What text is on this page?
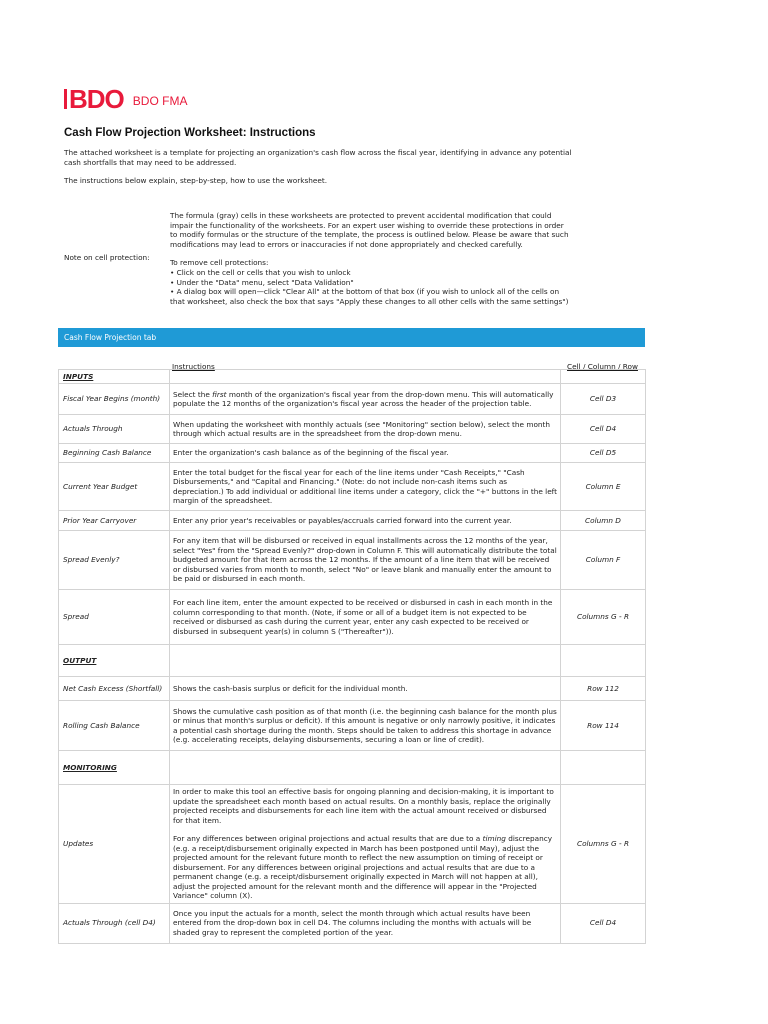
BDO BDO FMA
Cash Flow Projection Worksheet: Instructions
The attached worksheet is a template for projecting an organization's cash flow across the fiscal year, identifying in advance any potential cash shortfalls that may need to be addressed.
The instructions below explain, step-by-step, how to use the worksheet.
Note on cell protection:

The formula (gray) cells in these worksheets are protected to prevent accidental modification that could impair the functionality of the worksheets. For an expert user wishing to override these protections in order to modify formulas or the structure of the template, the process is outlined below. Please be aware that such modifications may lead to errors or inaccuracies if not done appropriately and checked carefully.

To remove cell protections:
• Click on the cell or cells that you wish to unlock
• Under the "Data" menu, select "Data Validation"
• A dialog box will open—click "Clear All" at the bottom of that box (if you wish to unlock all of the cells on that worksheet, also check the box that says "Apply these changes to all other cells with the same settings")
Cash Flow Projection tab
Instructions	Cell / Column / Row
INPUTS		
Fiscal Year Begins (month)	Select the first month of the organization's fiscal year from the drop-down menu. This will automatically populate the 12 months of the organization's fiscal year across the header of the projection table.	Cell D3
Actuals Through	When updating the worksheet with monthly actuals (see "Monitoring" section below), select the month through which actual results are in the spreadsheet from the drop-down menu.	Cell D4
Beginning Cash Balance	Enter the organization's cash balance as of the beginning of the fiscal year.	Cell D5
Current Year Budget	Enter the total budget for the fiscal year for each of the line items under "Cash Receipts," "Cash Disbursements," and "Capital and Financing." (Note: do not include non-cash items such as depreciation.) To add individual or additional line items under a category, click the "+" buttons in the left margin of the spreadsheet.	Column E
Prior Year Carryover	Enter any prior year's receivables or payables/accruals carried forward into the current year.	Column D
Spread Evenly?	For any item that will be disbursed or received in equal installments across the 12 months of the year, select "Yes" from the "Spread Evenly?" drop-down in Column F. This will automatically distribute the total budgeted amount for that item across the 12 months. If the amount of a line item that will be received or disbursed varies from month to month, select "No" or leave blank and manually enter the amount to be paid or disbursed in each month.	Column F
Spread	For each line item, enter the amount expected to be received or disbursed in cash in each month in the column corresponding to that month. (Note, if some or all of a budget item is not expected to be received or disbursed as cash during the current year, enter any cash expected to be received or disbursed in subsequent year(s) in column S ("Thereafter")).	Columns G - R
OUTPUT		
Net Cash Excess (Shortfall)	Shows the cash-basis surplus or deficit for the individual month.	Row 112
Rolling Cash Balance	Shows the cumulative cash position as of that month (i.e. the beginning cash balance for the month plus or minus that month's surplus or deficit). If this amount is negative or only narrowly positive, it indicates a potential cash shortage during the month. Steps should be taken to address this shortage in advance (e.g. accelerating receipts, delaying disbursements, securing a loan or line of credit).	Row 114
MONITORING		
Updates	In order to make this tool an effective basis for ongoing planning and decision-making, it is important to update the spreadsheet each month based on actual results. On a monthly basis, replace the originally projected receipts and disbursements for each line item with the actual amount received or disbursed for that item.

For any differences between original projections and actual results that are due to a timing discrepancy (e.g. a receipt/disbursement originally expected in March has been postponed until May), adjust the projected amount for the relevant future month to reflect the new assumption on timing of receipt or disbursement. For any differences between original projections and actual results that are due to a permanent change (e.g. a receipt/disbursement originally expected in March will not happen at all), adjust the projected amount for the relevant month and the difference will appear in the "Projected Variance" column (X).	Columns G - R
Actuals Through (cell D4)	Once you input the actuals for a month, select the month through which actual results have been entered from the drop-down box in cell D4. The columns including the months with actuals will be shaded gray to represent the completed portion of the year.	Cell D4
